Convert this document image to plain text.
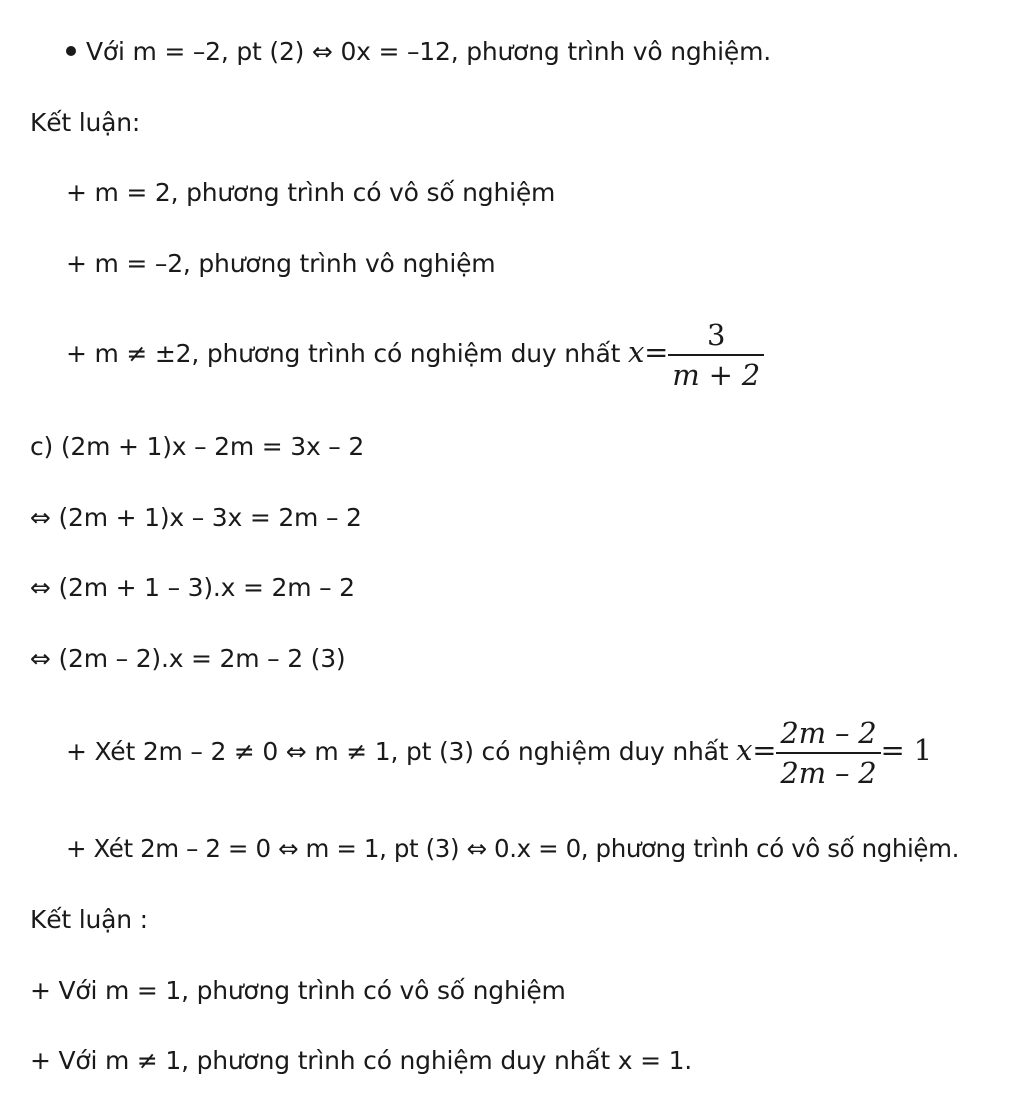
Với m = –2, pt (2) ⇔ 0x = –12, phương trình vô nghiệm.
Kết luận:
+ m = 2, phương trình có vô số nghiệm
+ m = –2, phương trình vô nghiệm
+ m ≠ ±2, phương trình có nghiệm duy nhất $x= \frac{3}{m + 2}$
c) (2m + 1)x – 2m = 3x – 2
⇔ (2m + 1)x – 3x = 2m – 2
⇔ (2m + 1 – 3).x = 2m – 2
⇔ (2m – 2).x = 2m – 2 (3)
+ Xét 2m – 2 ≠ 0 ⇔ m ≠ 1, pt (3) có nghiệm duy nhất $x= \frac{2m - 2}{2m - 2} = 1$
+ Xét 2m – 2 = 0 ⇔ m = 1, pt (3) ⇔ 0.x = 0, phương trình có vô số nghiệm.
Kết luận :
+ Với m = 1, phương trình có vô số nghiệm
+ Với m ≠ 1, phương trình có nghiệm duy nhất x = 1.
